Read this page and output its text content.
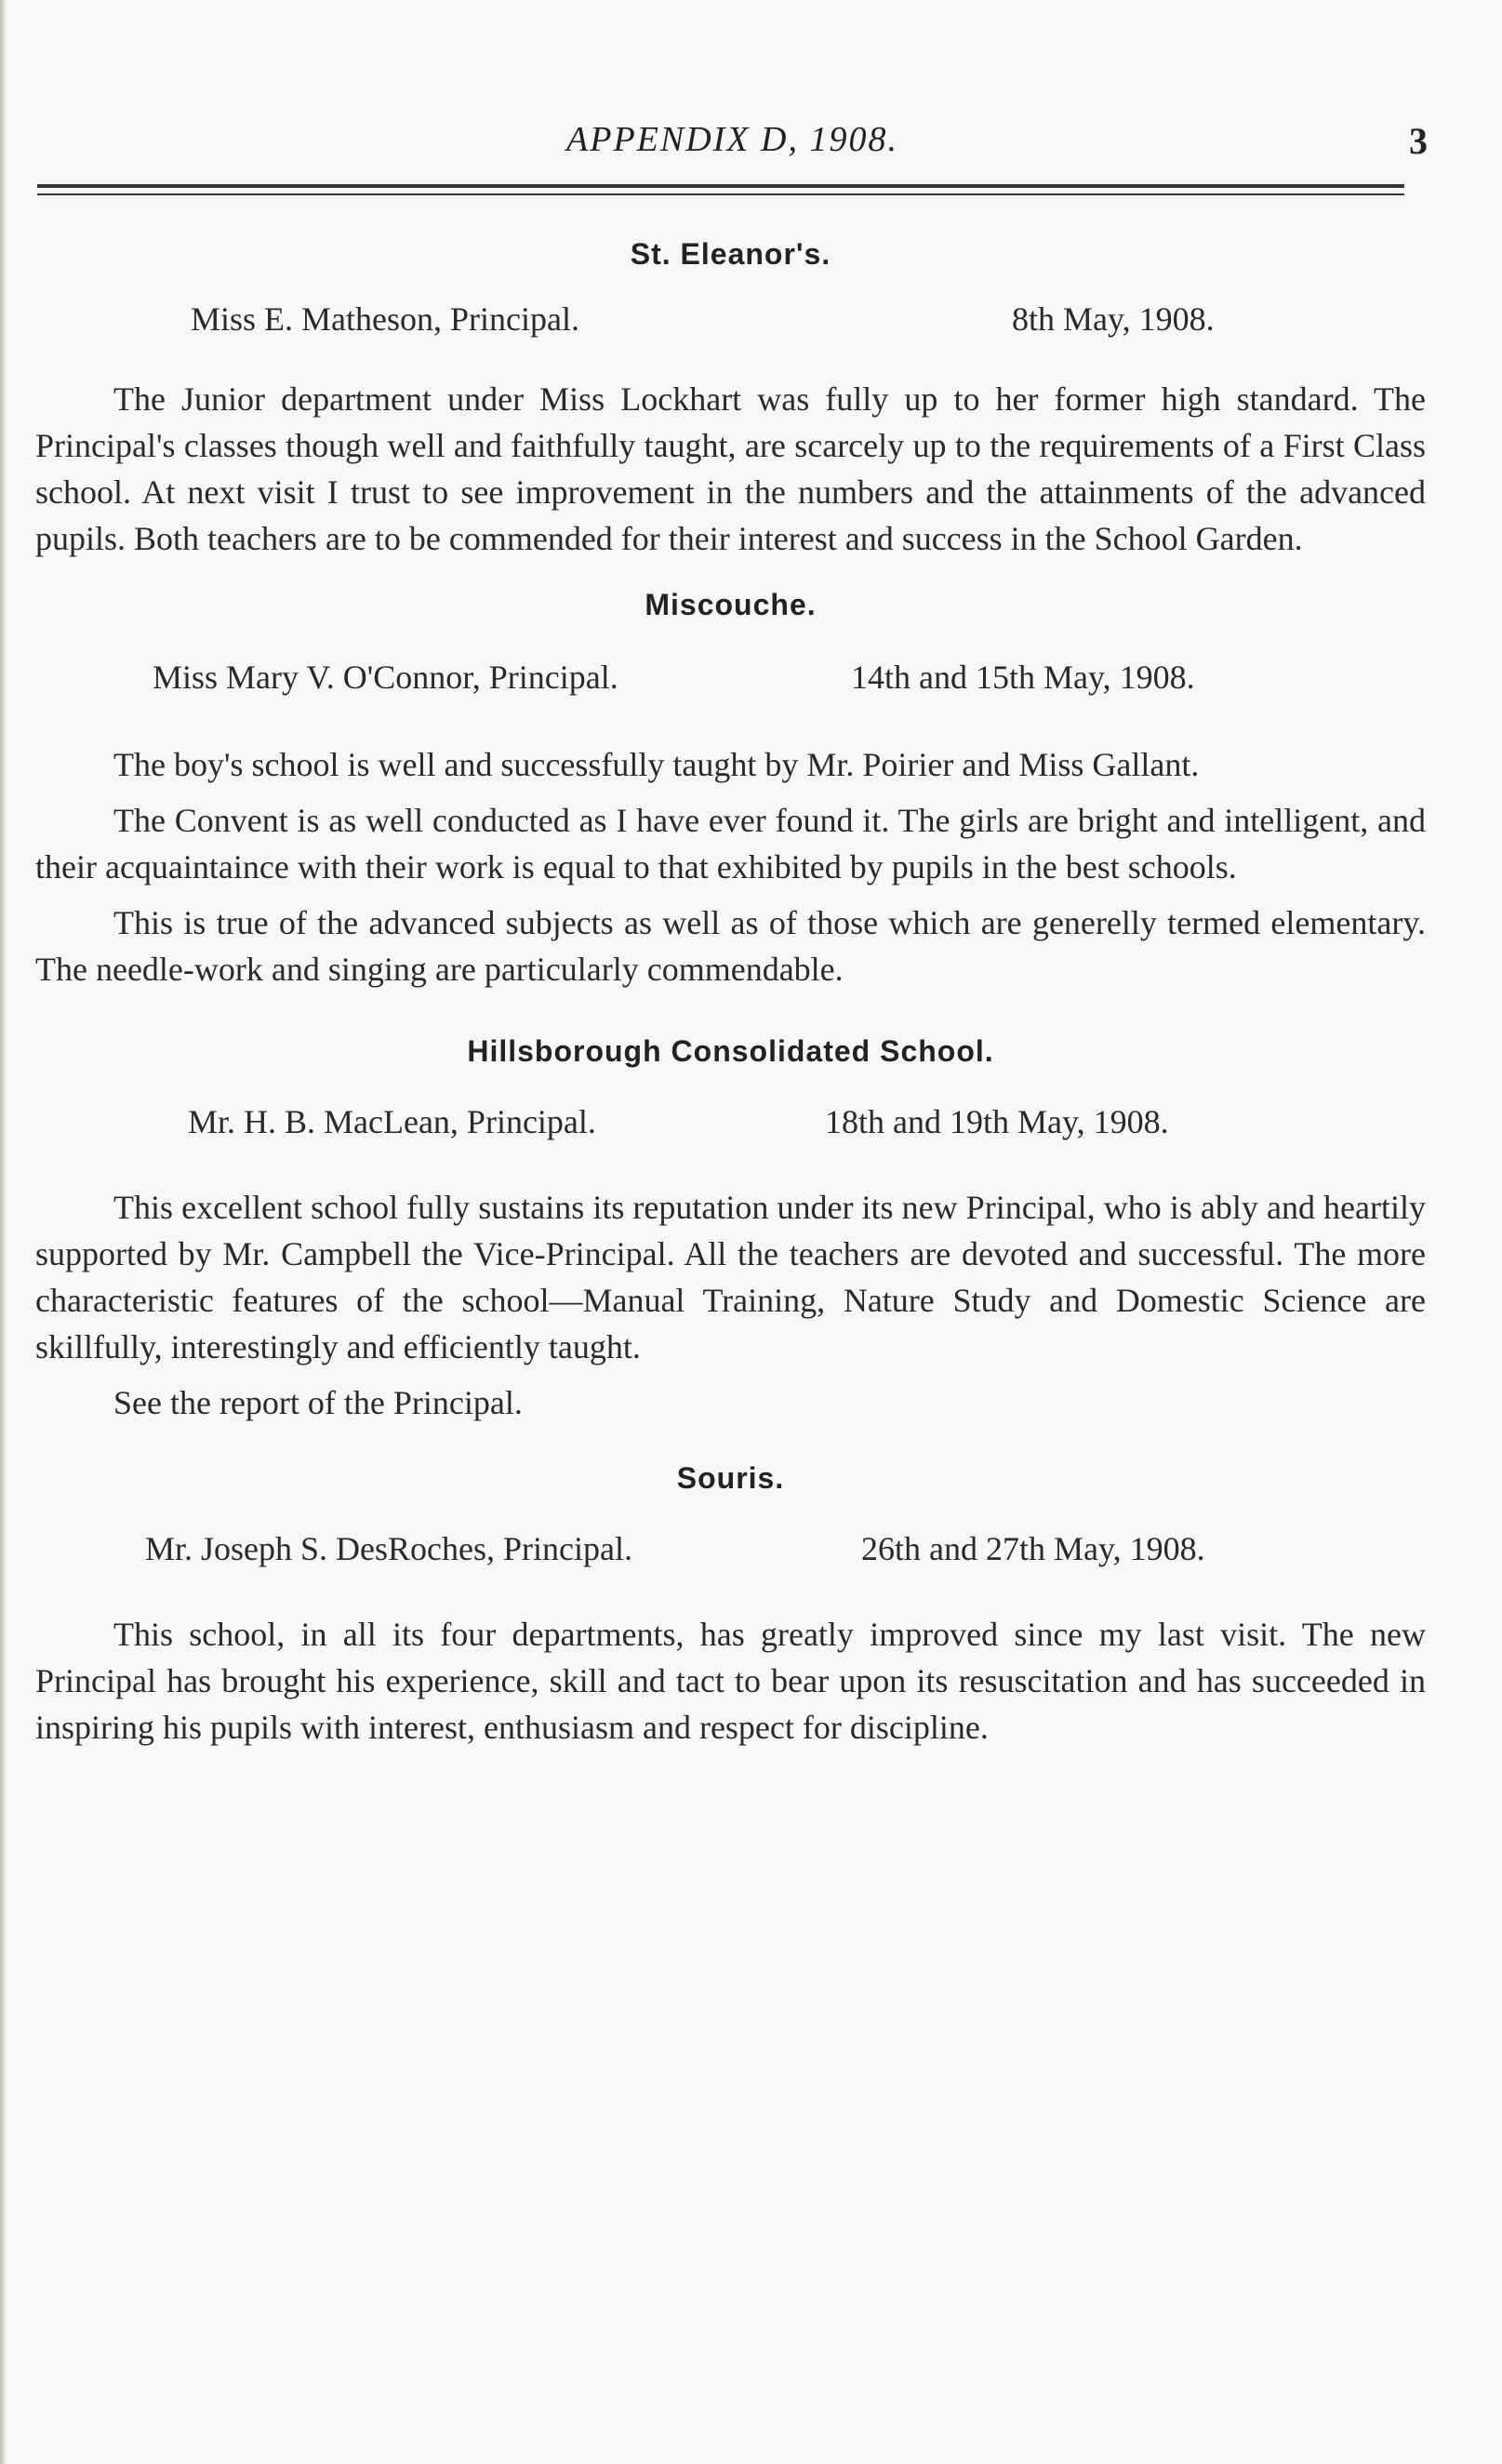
APPENDIX D, 1908.	3
St. Eleanor's.
Miss E. Matheson, Principal.	8th May, 1908.

The Junior department under Miss Lockhart was fully up to her former high standard. The Principal's classes though well and faithfully taught, are scarcely up to the requirements of a First Class school. At next visit I trust to see improvement in the numbers and the attainments of the advanced pupils. Both teachers are to be commended for their interest and success in the School Garden.

Miscouche.
Miss Mary V. O'Connor, Principal.	14th and 15th May, 1908.

The boy's school is well and successfully taught by Mr. Poirier and Miss Gallant.

The Convent is as well conducted as I have ever found it. The girls are bright and intelligent, and their acquaintaince with their work is equal to that exhibited by pupils in the best schools.

This is true of the advanced subjects as well as of those which are generelly termed elementary. The needle-work and singing are particularly commendable.

Hillsborough Consolidated School.
Mr. H. B. MacLean, Principal.	18th and 19th May, 1908.

This excellent school fully sustains its reputation under its new Principal, who is ably and heartily supported by Mr. Campbell the Vice-Principal. All the teachers are devoted and successful. The more characteristic features of the school—Manual Training, Nature Study and Domestic Science are skillfully, interestingly and efficiently taught.

See the report of the Principal.

Souris.
Mr. Joseph S. DesRoches, Principal.	26th and 27th May, 1908.

This school, in all its four departments, has greatly improved since my last visit. The new Principal has brought his experience, skill and tact to bear upon its resuscitation and has succeeded in inspiring his pupils with interest, enthusiasm and respect for discipline.
